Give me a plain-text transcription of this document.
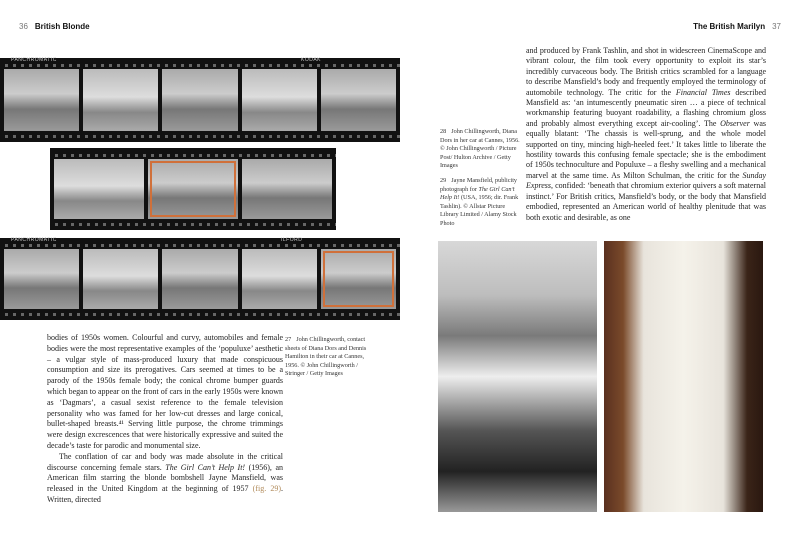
36 British Blonde	The British Marilyn 37
PANCHROMATIC	KODAK
PANCHROMATIC	ILFORD

bodies of 1950s women. Colourful and curvy, automobiles and female bodies were the most representative examples of the ‘populuxe’ aesthetic – a vulgar style of mass-produced luxury that made conspicuous consumption and size its prerogatives. Cars seemed at times to be a parody of the 1950s female body; the conical chrome bumper guards which began to appear on the front of cars in the early 1950s were known as ‘Dagmars’, a casual sexist reference to the female television personality who was famed for her low-cut dresses and large conical, bullet-shaped breasts.⁴¹ Serving little purpose, the chrome trimmings were design excrescences that were historically expressive and suited the decade’s taste for parodic and monumental size.

The conflation of car and body was made absolute in the critical discourse concerning female stars. The Girl Can’t Help It! (1956), an American film starring the blonde bombshell Jayne Mansfield, was released in the United Kingdom at the beginning of 1957 (fig. 29). Written, directed

27 John Chillingworth, contact sheets of Diana Dors and Dennis Hamilton in their car at Cannes, 1956. © John Chillingworth / Stringer / Getty Images

28 John Chillingworth, Diana Dors in her car at Cannes, 1956. © John Chillingworth / Picture Post/ Hulton Archive / Getty Images

29 Jayne Mansfield, publicity photograph for The Girl Can’t Help It! (USA, 1956; dir. Frank Tashlin). © Allstar Picture Library Limited / Alamy Stock Photo

and produced by Frank Tashlin, and shot in widescreen CinemaScope and vibrant colour, the film took every opportunity to exploit its star’s incredibly curvaceous body. The British critics scrambled for a language to describe Mansfield’s body and frequently employed the terminology of automobile technology. The critic for the Financial Times described Mansfield as: ‘an intumescently pneumatic siren … a piece of technical workmanship featuring buoyant roadability, a flashing chromium gloss and probably almost everything except air-cooling’. The Observer was equally blatant: ‘The chassis is well-sprung, and the whole model supported on tiny, mincing high-heeled feet.’ It takes little to liberate the hostility towards this confusing female spectacle; she is the embodiment of 1950s technoculture and Populuxe – a fleshy swelling and a mechanical marvel at the same time. As Milton Schulman, the critic for the Sunday Express, confided: ‘beneath that chromium exterior quivers a soft maternal instinct.’ For British critics, Mansfield’s body, or the body that Mansfield embodied, represented an American world of healthy plenitude that was both exotic and desirable, as one
